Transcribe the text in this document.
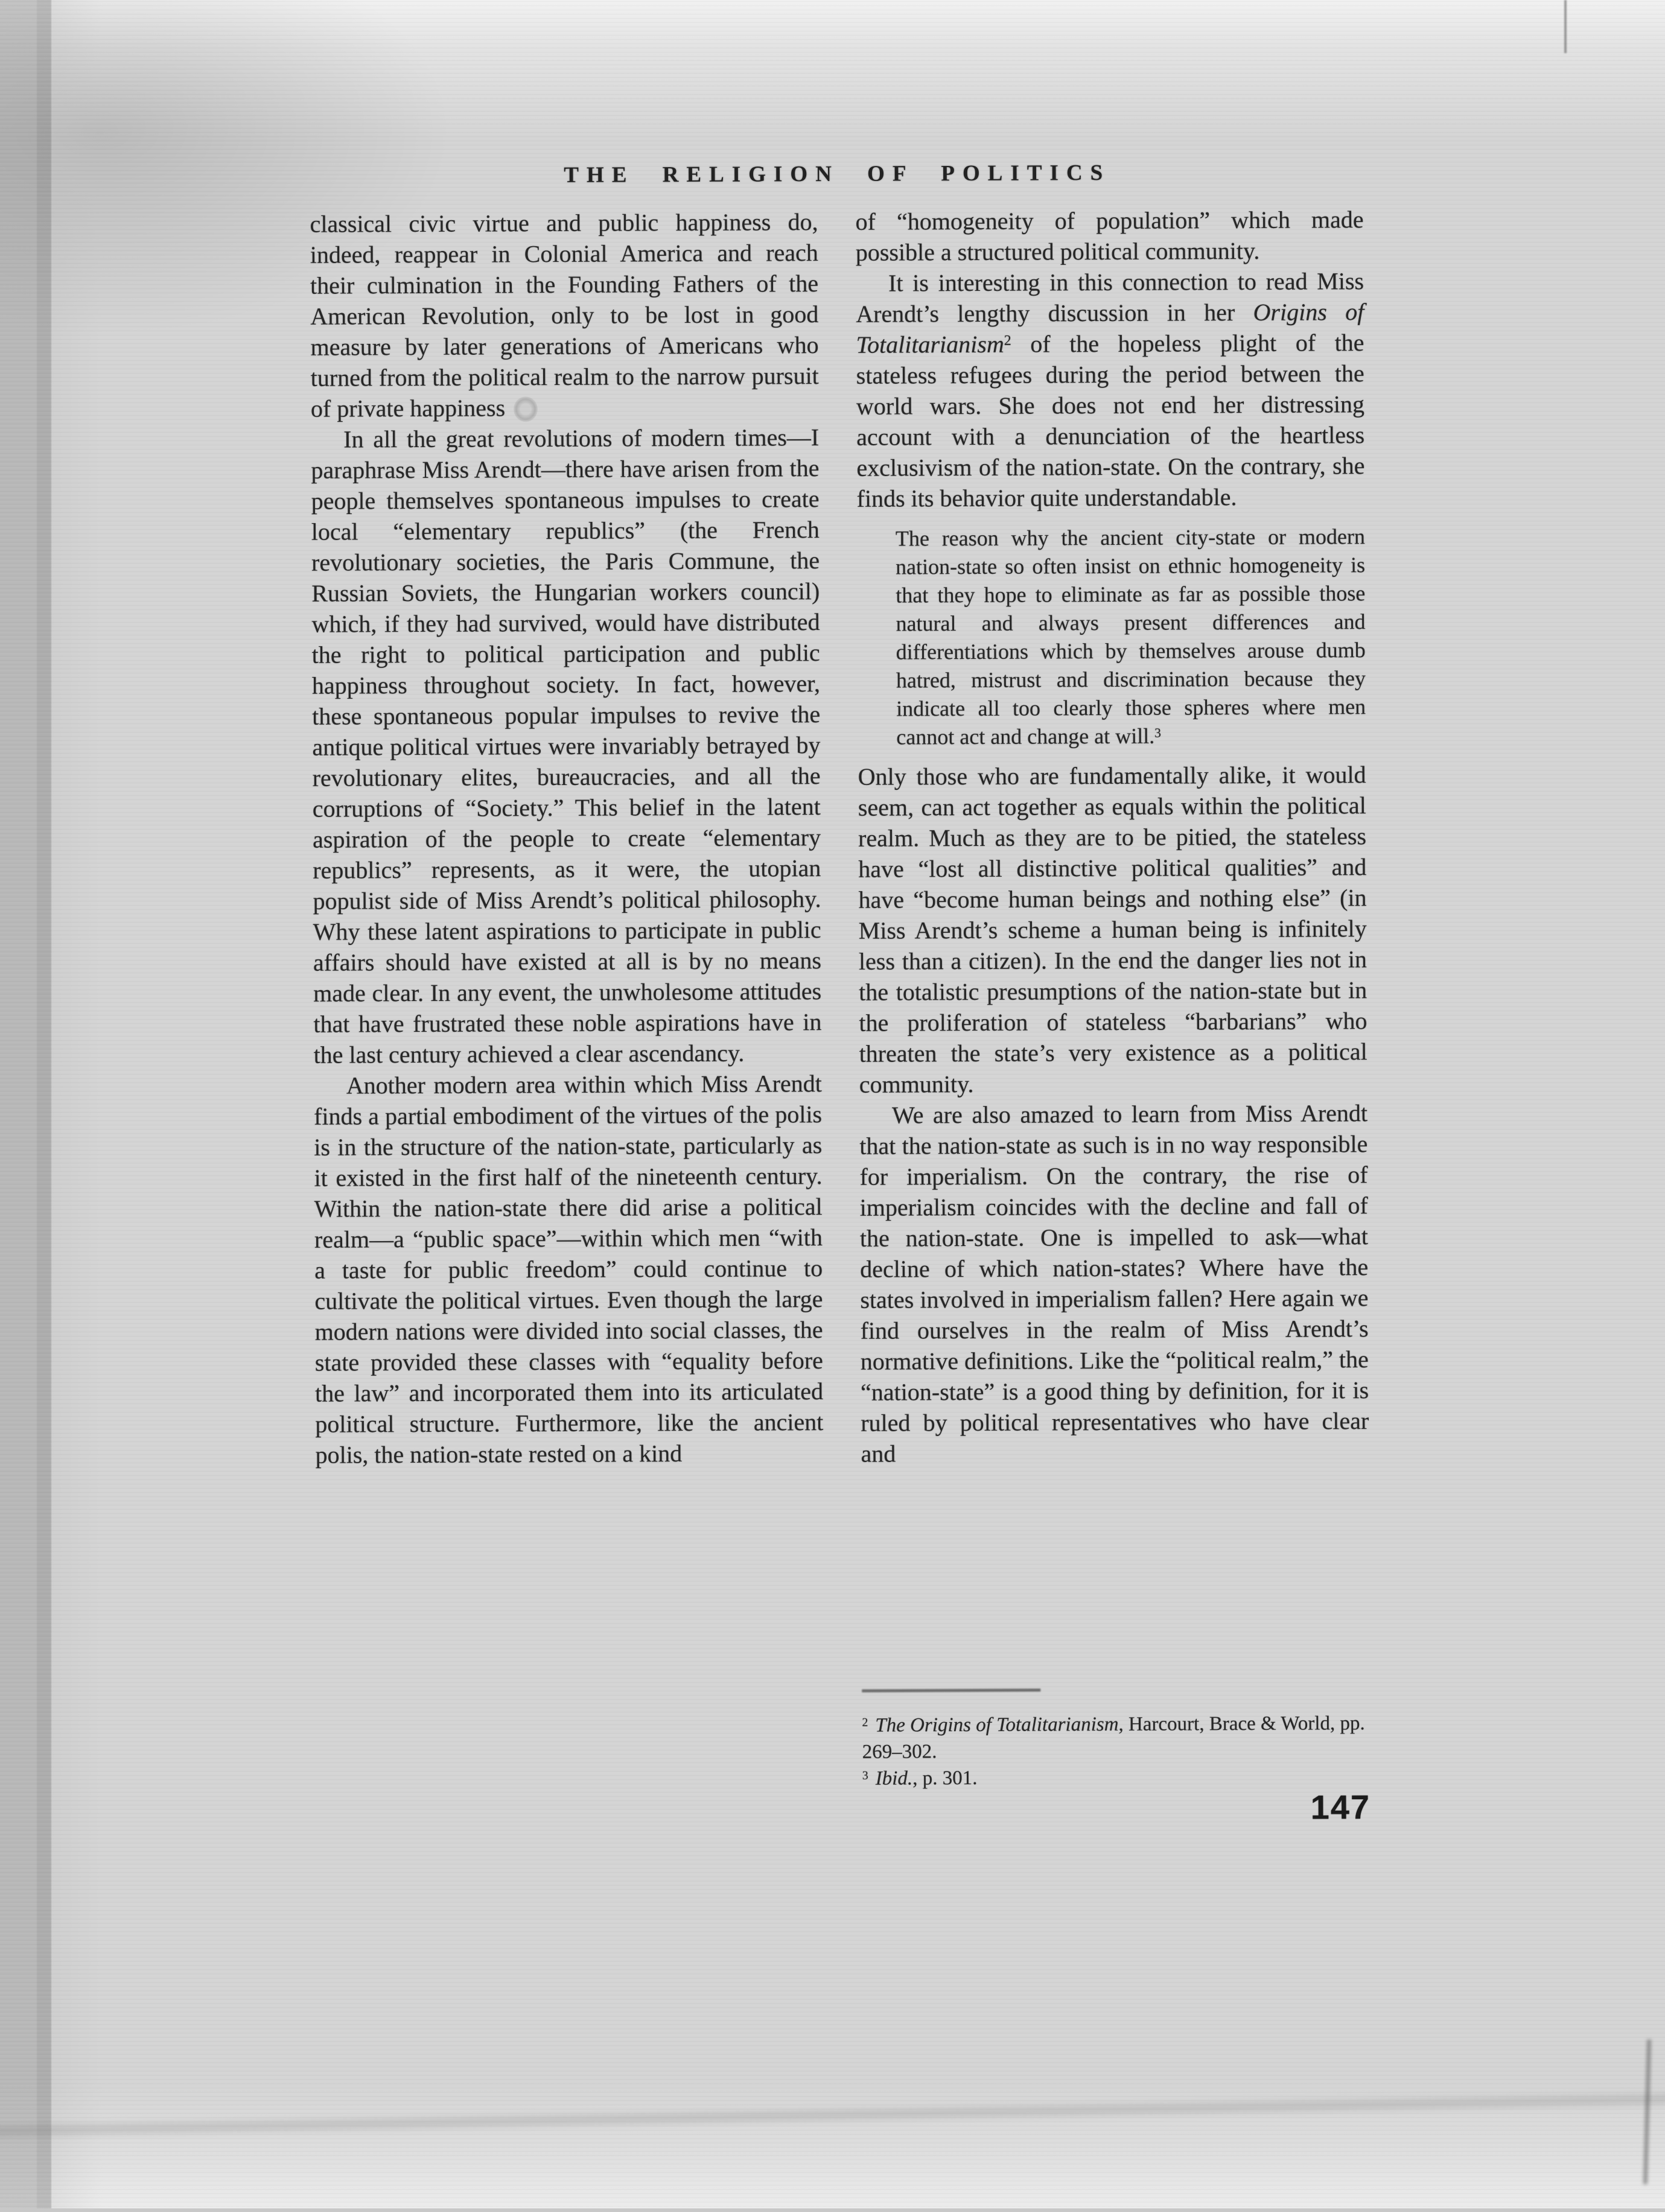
THE RELIGION OF POLITICS

classical civic virtue and public happiness do, indeed, reappear in Colonial America and reach their culmination in the Founding Fathers of the American Revolution, only to be lost in good measure by later generations of Americans who turned from the political realm to the narrow pursuit of private happiness

In all the great revolutions of modern times—I paraphrase Miss Arendt—there have arisen from the people themselves spontaneous impulses to create local “elementary republics” (the French revolutionary societies, the Paris Commune, the Russian Soviets, the Hungarian workers council) which, if they had survived, would have distributed the right to political participation and public happiness throughout society. In fact, however, these spontaneous popular impulses to revive the antique political virtues were invariably betrayed by revolutionary elites, bureaucracies, and all the corruptions of “Society.” This belief in the latent aspiration of the people to create “elementary republics” represents, as it were, the utopian populist side of Miss Arendt’s political philosophy. Why these latent aspirations to participate in public affairs should have existed at all is by no means made clear. In any event, the unwholesome attitudes that have frustrated these noble aspirations have in the last century achieved a clear ascendancy.

Another modern area within which Miss Arendt finds a partial embodiment of the virtues of the polis is in the structure of the nation-state, particularly as it existed in the first half of the nineteenth century. Within the nation-state there did arise a political realm—a “public space”—within which men “with a taste for public freedom” could continue to cultivate the political virtues. Even though the large modern nations were divided into social classes, the state provided these classes with “equality before the law” and incorporated them into its articulated political structure. Furthermore, like the ancient polis, the nation-state rested on a kind

of “homogeneity of population” which made possible a structured political community.

It is interesting in this connection to read Miss Arendt’s lengthy discussion in her Origins of Totalitarianism$^2$ of the hopeless plight of the stateless refugees during the period between the world wars. She does not end her distressing account with a denunciation of the heartless exclusivism of the nation-state. On the contrary, she finds its behavior quite understandable.

The reason why the ancient city-state or modern nation-state so often insist on ethnic homogeneity is that they hope to eliminate as far as possible those natural and always present differences and differentiations which by themselves arouse dumb hatred, mistrust and discrimination because they indicate all too clearly those spheres where men cannot act and change at will.$^3$

Only those who are fundamentally alike, it would seem, can act together as equals within the political realm. Much as they are to be pitied, the stateless have “lost all distinctive political qualities” and have “become human beings and nothing else” (in Miss Arendt’s scheme a human being is infinitely less than a citizen). In the end the danger lies not in the totalistic presumptions of the nation-state but in the proliferation of stateless “barbarians” who threaten the state’s very existence as a political community.

We are also amazed to learn from Miss Arendt that the nation-state as such is in no way responsible for imperialism. On the contrary, the rise of imperialism coincides with the decline and fall of the nation-state. One is impelled to ask—what decline of which nation-states? Where have the states involved in imperialism fallen? Here again we find ourselves in the realm of Miss Arendt’s normative definitions. Like the “political realm,” the “nation-state” is a good thing by definition, for it is ruled by political representatives who have clear and

$^2$ The Origins of Totalitarianism, Harcourt, Brace & World, pp. 269–302.

$^3$ Ibid., p. 301.

147
